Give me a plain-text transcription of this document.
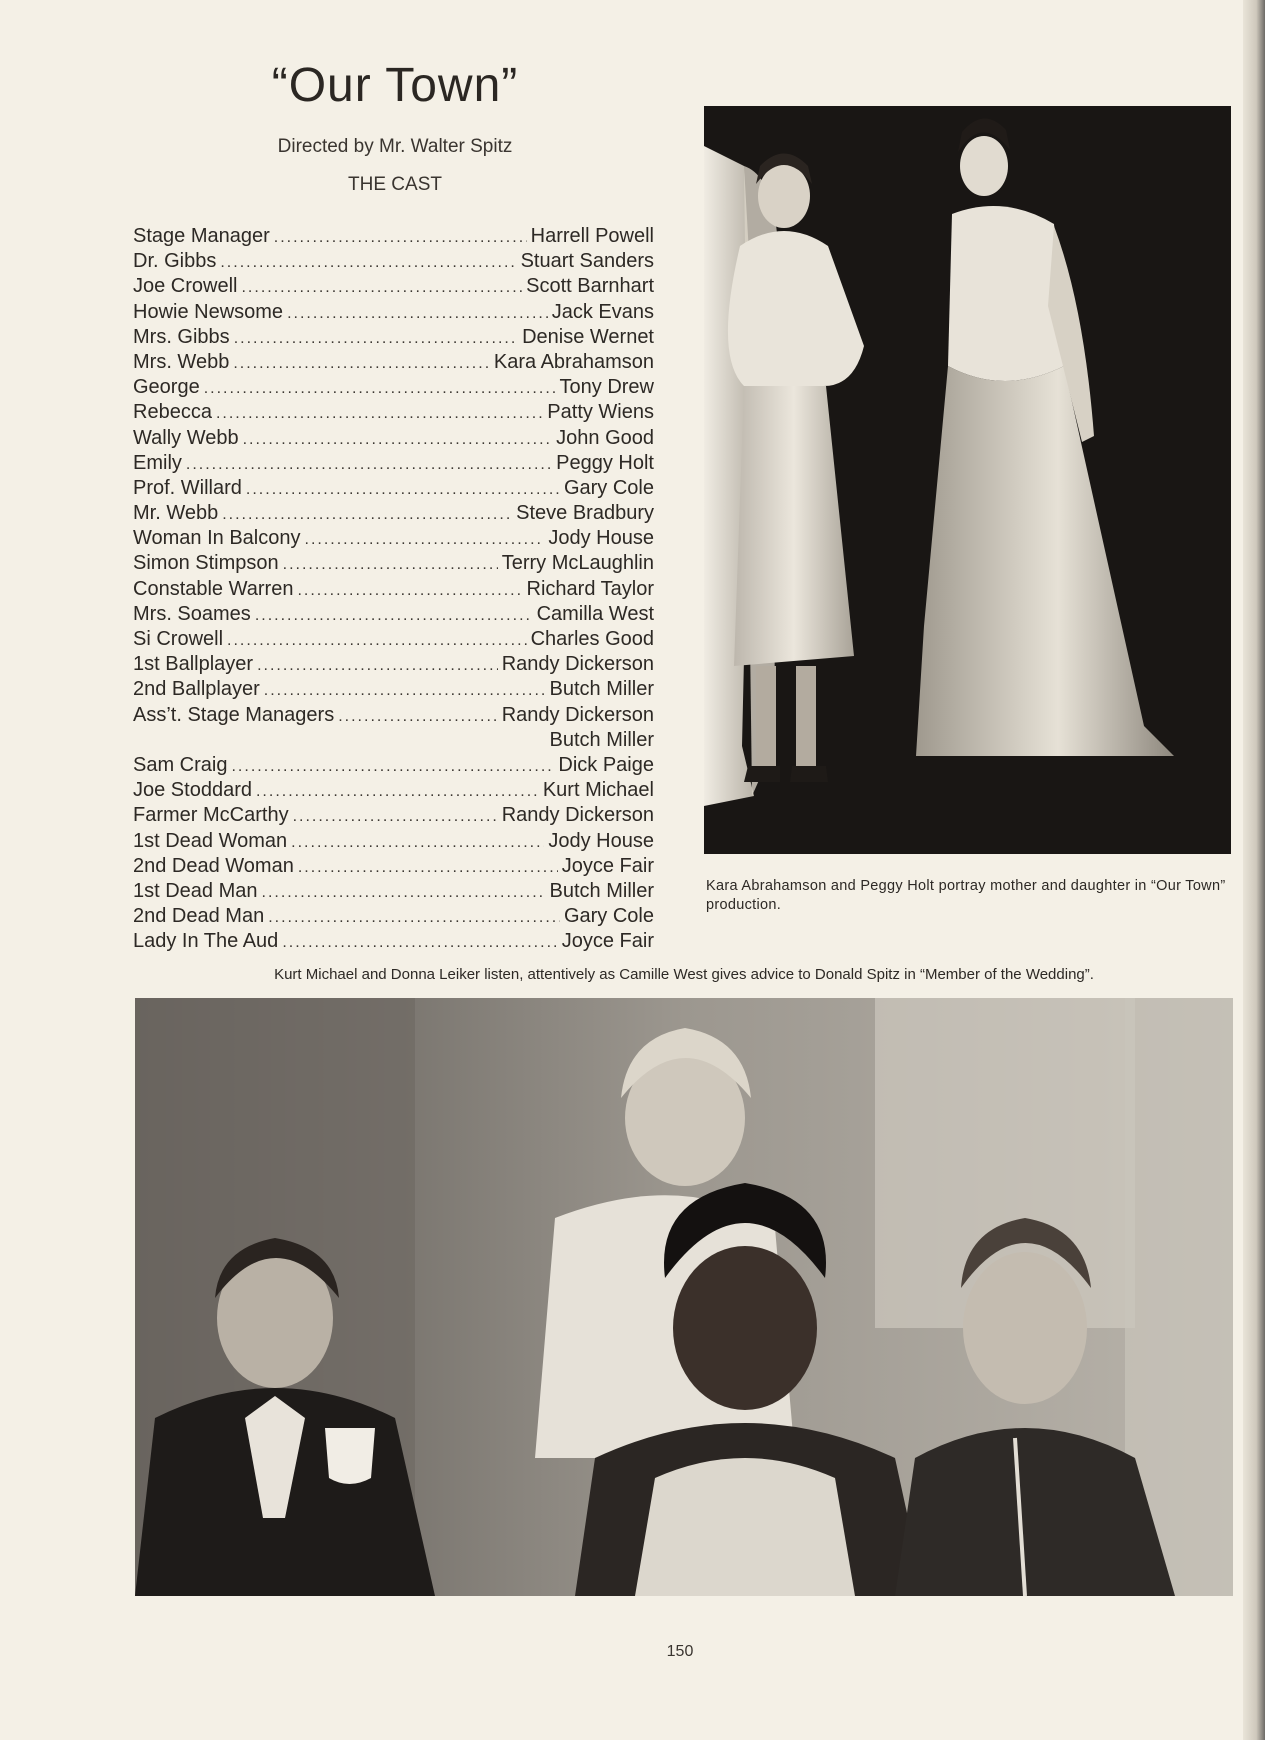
“Our Town”
Directed by Mr. Walter Spitz
THE CAST
Stage Manager .....	Harrell Powell
Dr. Gibbs .....	Stuart Sanders
Joe Crowell .....	Scott Barnhart
Howie Newsome .....	Jack Evans
Mrs. Gibbs .....	Denise Wernet
Mrs. Webb .....	Kara Abrahamson
George .....	Tony Drew
Rebecca .....	Patty Wiens
Wally Webb .....	John Good
Emily .....	Peggy Holt
Prof. Willard .....	Gary Cole
Mr. Webb .....	Steve Bradbury
Woman In Balcony .....	Jody House
Simon Stimpson .....	Terry McLaughlin
Constable Warren .....	Richard Taylor
Mrs. Soames .....	Camilla West
Si Crowell .....	Charles Good
1st Ballplayer .....	Randy Dickerson
2nd Ballplayer .....	Butch Miller
Ass’t. Stage Managers .....	Randy Dickerson
Butch Miller
Sam Craig .....	Dick Paige
Joe Stoddard .....	Kurt Michael
Farmer McCarthy .....	Randy Dickerson
1st Dead Woman .....	Jody House
2nd Dead Woman .....	Joyce Fair
1st Dead Man .....	Butch Miller
2nd Dead Man .....	Gary Cole
Lady In The Aud .....	Joyce Fair
Kara Abrahamson and Peggy Holt portray mother and daughter in “Our Town” production.
Kurt Michael and Donna Leiker listen, attentively as Camille West gives advice to Donald Spitz in “Member of the Wedding”.
150
